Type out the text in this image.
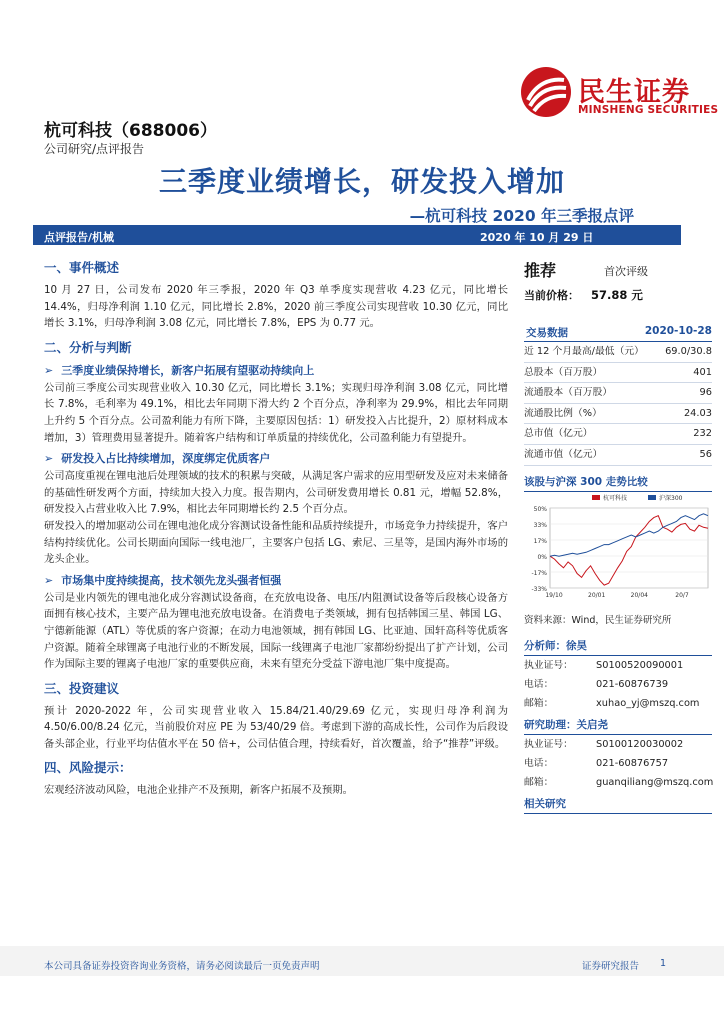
民生证券
MINSHENG SECURITIES
杭可科技（688006）
公司研究/点评报告
三季度业绩增长，研发投入增加
—杭可科技 2020 年三季报点评
点评报告/机械	2020 年 10 月 29 日
一、事件概述

10 月 27 日，公司发布 2020 年三季报，2020 年 Q3 单季度实现营收 4.23 亿元，同比增长 14.4%，归母净利润 1.10 亿元，同比增长 2.8%，2020 前三季度公司实现营收 10.30 亿元，同比增长 3.1%，归母净利润 3.08 亿元，同比增长 7.8%，EPS 为 0.77 元。

二、分析与判断
➢ 三季度业绩保持增长，新客户拓展有望驱动持续向上

公司前三季度公司实现营业收入 10.30 亿元，同比增长 3.1%；实现归母净利润 3.08 亿元，同比增长 7.8%，毛利率为 49.1%，相比去年同期下滑大约 2 个百分点，净利率为 29.9%，相比去年同期上升约 5 个百分点。公司盈利能力有所下降，主要原因包括：1）研发投入占比提升，2）原材料成本增加，3）管理费用显著提升。随着客户结构和订单质量的持续优化，公司盈利能力有望提升。

➢ 研发投入占比持续增加，深度绑定优质客户

公司高度重视在锂电池后处理领域的技术的积累与突破，从满足客户需求的应用型研发及应对未来储备的基础性研发两个方面，持续加大投入力度。报告期内，公司研发费用增长 0.81 元，增幅 52.8%，研发投入占营业收入比 7.9%，相比去年同期增长约 2.5 个百分点。

研发投入的增加驱动公司在锂电池化成分容测试设备性能和品质持续提升，市场竞争力持续提升，客户结构持续优化。公司长期面向国际一线电池厂，主要客户包括 LG、索尼、三星等，是国内海外市场的龙头企业。

➢ 市场集中度持续提高，技术领先龙头强者恒强

公司是业内领先的锂电池化成分容测试设备商，在充放电设备、电压/内阻测试设备等后段核心设备方面拥有核心技术，主要产品为锂电池充放电设备。在消费电子类领域，拥有包括韩国三星、韩国 LG、宁德新能源（ATL）等优质的客户资源；在动力电池领域，拥有韩国 LG、比亚迪、国轩高科等优质客户资源。随着全球锂离子电池行业的不断发展，国际一线锂离子电池厂家都纷纷提出了扩产计划，公司作为国际主要的锂离子电池厂家的重要供应商，未来有望充分受益下游电池厂集中度提高。

三、投资建议

预计 2020-2022 年，公司实现营业收入 15.84/21.40/29.69 亿元，实现归母净利润为 4.50/6.00/8.24 亿元，当前股价对应 PE 为 53/40/29 倍。考虑到下游的高成长性，公司作为后段设备头部企业，行业平均估值水平在 50 倍+，公司估值合理，持续看好，首次覆盖，给予“推荐”评级。

四、风险提示：

宏观经济波动风险，电池企业排产不及预期，新客户拓展不及预期。

推荐	首次评级
当前价格： 57.88 元
交易数据	2020-10-28
近 12 个月最高/最低（元） 69.0/30.8
总股本（百万股）	401
流通股本（百万股）	96
流通股比例（%）	24.03
总市值（亿元）	232
流通市值（亿元）	56
该股与沪深 300 走势比较
50%
33%
17%
0%
-17%
-33%
19/10	20/01	20/04	20/7
杭可科技	沪深300
资料来源：Wind，民生证券研究所
分析师：徐昊
执业证号： S0100520090001
电话：	021-60876739
邮箱：	xuhao_yj@mszq.com
研究助理：关启尧
执业证号： S0100120030002
电话：	021-60876757
邮箱：	guanqiliang@mszq.com
相关研究
本公司具备证券投资咨询业务资格，请务必阅读最后一页免责声明	证券研究报告 1
